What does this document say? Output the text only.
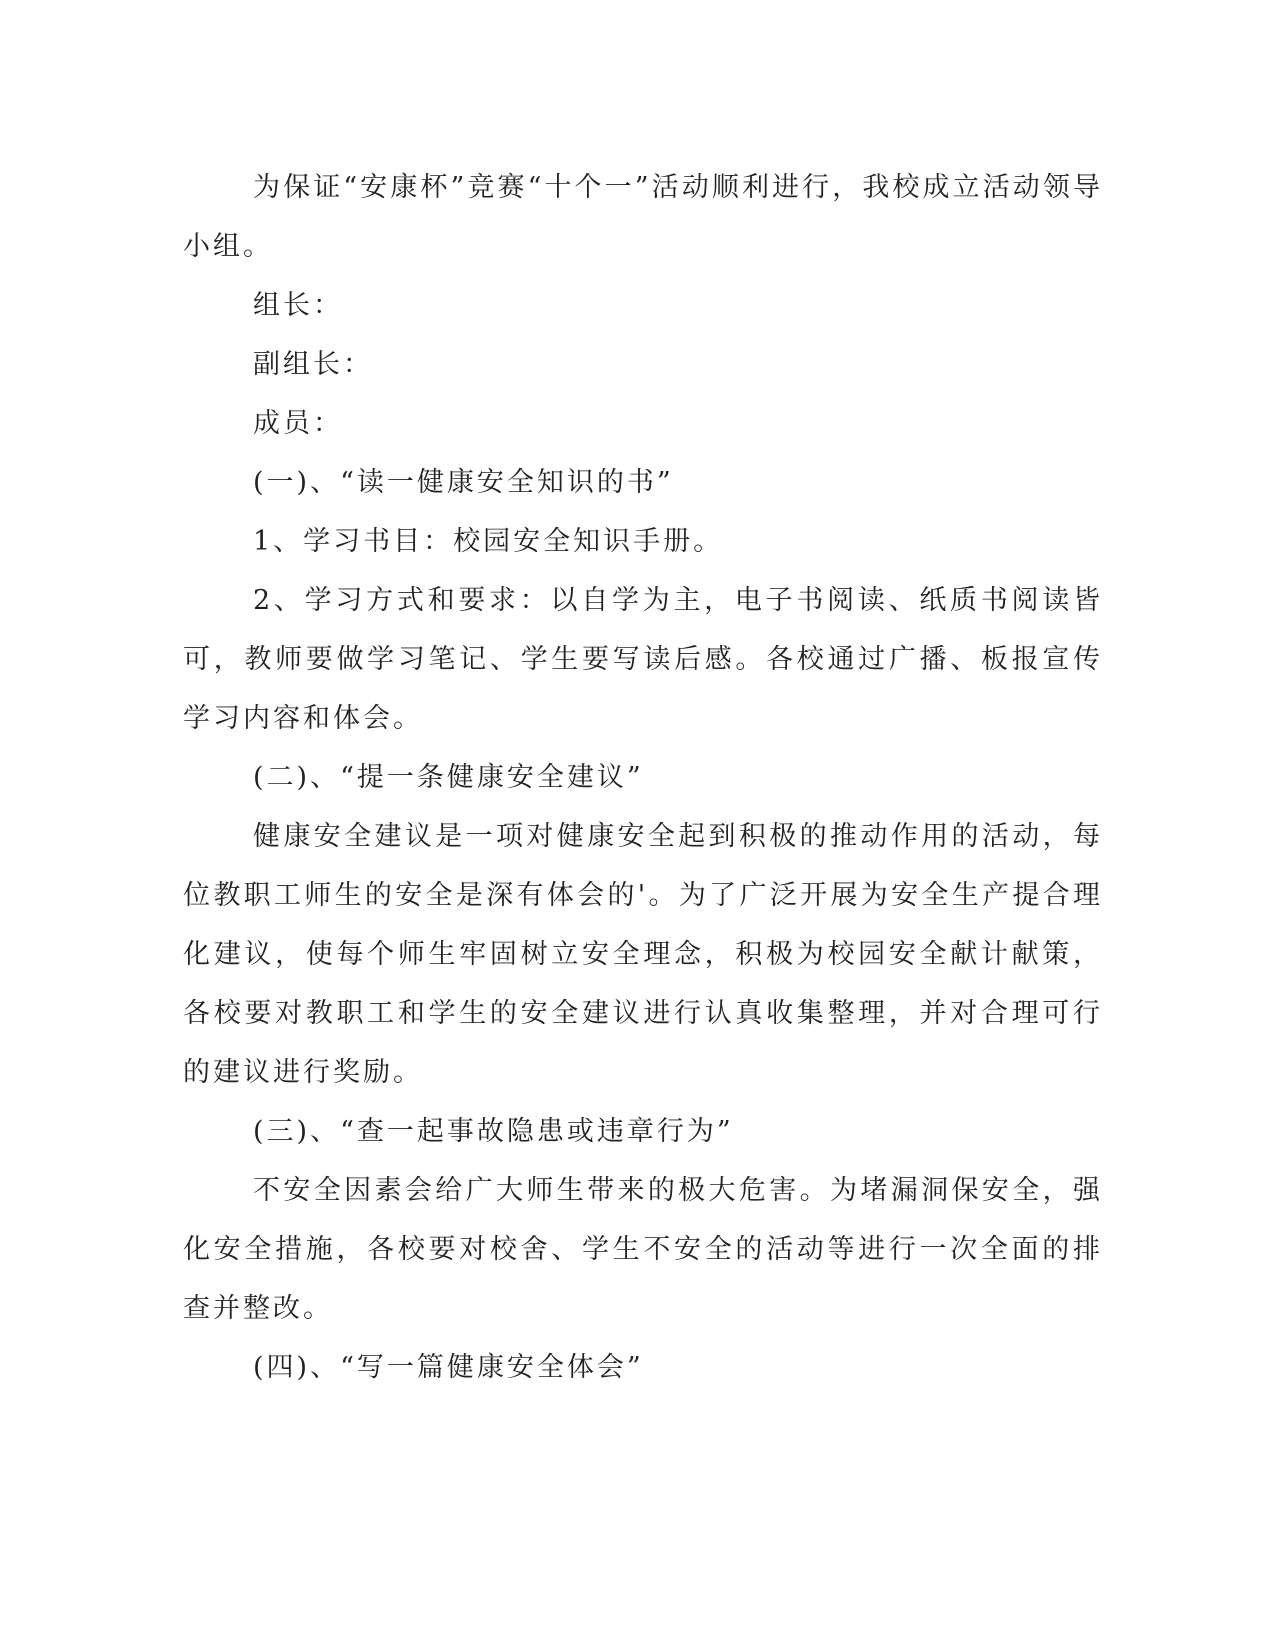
为保证“安康杯”竞赛“十个一”活动顺利进行，我校成立活动领导小组。

组长：

副组长：

成员：

(一)、“读一健康安全知识的书”

1、学习书目：校园安全知识手册。

2、学习方式和要求：以自学为主，电子书阅读、纸质书阅读皆可，教师要做学习笔记、学生要写读后感。各校通过广播、板报宣传学习内容和体会。

(二)、“提一条健康安全建议”

健康安全建议是一项对健康安全起到积极的推动作用的活动，每位教职工师生的安全是深有体会的'。为了广泛开展为安全生产提合理化建议，使每个师生牢固树立安全理念，积极为校园安全献计献策，各校要对教职工和学生的安全建议进行认真收集整理，并对合理可行的建议进行奖励。

(三)、“查一起事故隐患或违章行为”

不安全因素会给广大师生带来的极大危害。为堵漏洞保安全，强化安全措施，各校要对校舍、学生不安全的活动等进行一次全面的排查并整改。

(四)、“写一篇健康安全体会”
